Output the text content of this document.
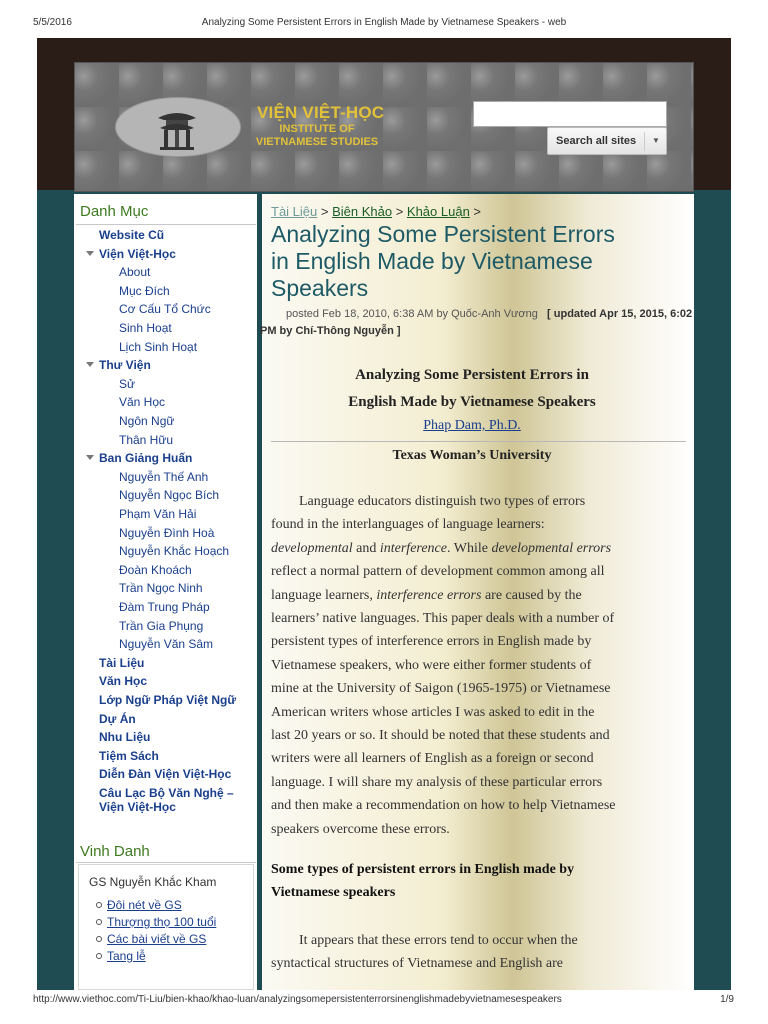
5/5/2016	Analyzing Some Persistent Errors in English Made by Vietnamese Speakers - web
VIỆN VIỆT-HỌC
INSTITUTE OF VIETNAMESE STUDIES	Search all sites ▼
Danh Mục
Website Cũ
Viện Việt-Học
About
Mục Đích
Cơ Cấu Tổ Chức
Sinh Hoạt
Lịch Sinh Hoạt
Thư Viện
Sử
Văn Học
Ngôn Ngữ
Thân Hữu
Ban Giảng Huấn
Nguyễn Thế Anh
Nguyễn Ngọc Bích
Phạm Văn Hải
Nguyễn Đình Hoà
Nguyễn Khắc Hoạch
Đoàn Khoách
Trần Ngọc Ninh
Đàm Trung Pháp
Trần Gia Phụng
Nguyễn Văn Sâm
Tài Liệu
Văn Học
Lớp Ngữ Pháp Việt Ngữ
Dự Án
Nhu Liệu
Tiệm Sách
Diễn Đàn Viện Việt-Học
Câu Lạc Bộ Văn Nghệ –
Viện Việt-Học
Vinh Danh
GS Nguyễn Khắc Kham
Đôi nét về GS
Thượng thọ 100 tuổi
Các bài viết về GS
Tang lễ
Tài Liệu > Biên Khảo > Khảo Luận >
Analyzing Some Persistent Errors
in English Made by Vietnamese
Speakers
posted Feb 18, 2010, 6:38 AM by Quốc-Anh Vương [ updated Apr 15, 2015, 6:02
PM by Chí-Thông Nguyễn ]
Analyzing Some Persistent Errors in
English Made by Vietnamese Speakers
Phap Dam, Ph.D.
Texas Woman’s University
Language educators distinguish two types of errors
found in the interlanguages of language learners:
developmental and interference. While developmental errors
reflect a normal pattern of development common among all
language learners, interference errors are caused by the
learners’ native languages. This paper deals with a number of
persistent types of interference errors in English made by
Vietnamese speakers, who were either former students of
mine at the University of Saigon (1965-1975) or Vietnamese
American writers whose articles I was asked to edit in the
last 20 years or so. It should be noted that these students and
writers were all learners of English as a foreign or second
language. I will share my analysis of these particular errors
and then make a recommendation on how to help Vietnamese
speakers overcome these errors.
Some types of persistent errors in English made by
Vietnamese speakers
It appears that these errors tend to occur when the
syntactical structures of Vietnamese and English are
http://www.viethoc.com/Ti-Liu/bien-khao/khao-luan/analyzingsomepersistenterrorsinenglishmadebyvietnamesespeakers	1/9
